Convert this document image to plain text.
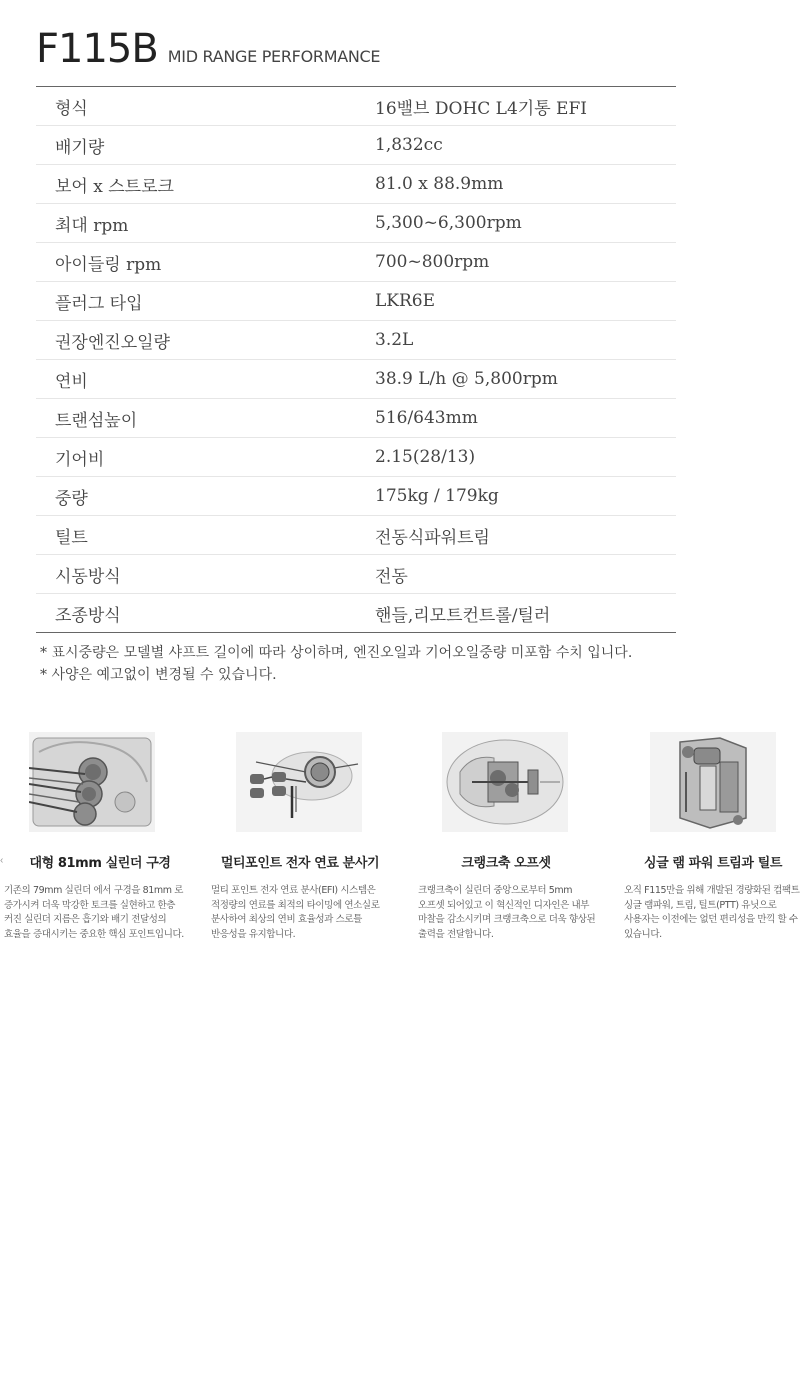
F115B MID RANGE PERFORMANCE
형식	16밸브 DOHC L4기통 EFI
배기량	1,832cc
보어 x 스트로크	81.0 x 88.9mm
최대 rpm	5,300~6,300rpm
아이들링 rpm	700~800rpm
플러그 타입	LKR6E
권장엔진오일량	3.2L
연비	38.9 L/h @ 5,800rpm
트랜섬높이	516/643mm
기어비	2.15(28/13)
중량	175kg / 179kg
틸트	전동식파워트림
시동방식	전동
조종방식	핸들,리모트컨트롤/틸러
* 표시중량은 모델별 샤프트 길이에 따라 상이하며, 엔진오일과 기어오일중량 미포함 수치 입니다.
* 사양은 예고없이 변경될 수 있습니다.
‹	대형 81mm 실린더 구경
기존의 79mm 실린더 에서 구경을 81mm 로
증가시켜 더욱 막강한 토크를 실현하고 한층
커진 실린더 지름은 흡기와 배기 전달성의
효율을 증대시키는 중요한 핵심 포인트입니다.
멀티포인트 전자 연료 분사기
멀티 포인트 전자 연료 분사(EFI) 시스템은
적정량의 연료를 최적의 타이밍에 연소실로
분사하여 최상의 연비 효율성과 스로틀
반응성을 유지합니다.
크랭크축 오프셋
크랭크축이 실린더 중앙으로부터 5mm
오프셋 되어있고 이 혁신적인 디자인은 내부
마찰을 감소시키며 크랭크축으로 더욱 향상된
출력을 전달합니다.
싱글 램 파워 트림과 틸트
오직 F115만을 위해 개발된 경량화된 컴팩트
싱글 램파워, 트림, 틸트(PTT) 유닛으로
사용자는 이전에는 없던 편리성을 만끽 할 수
있습니다.
